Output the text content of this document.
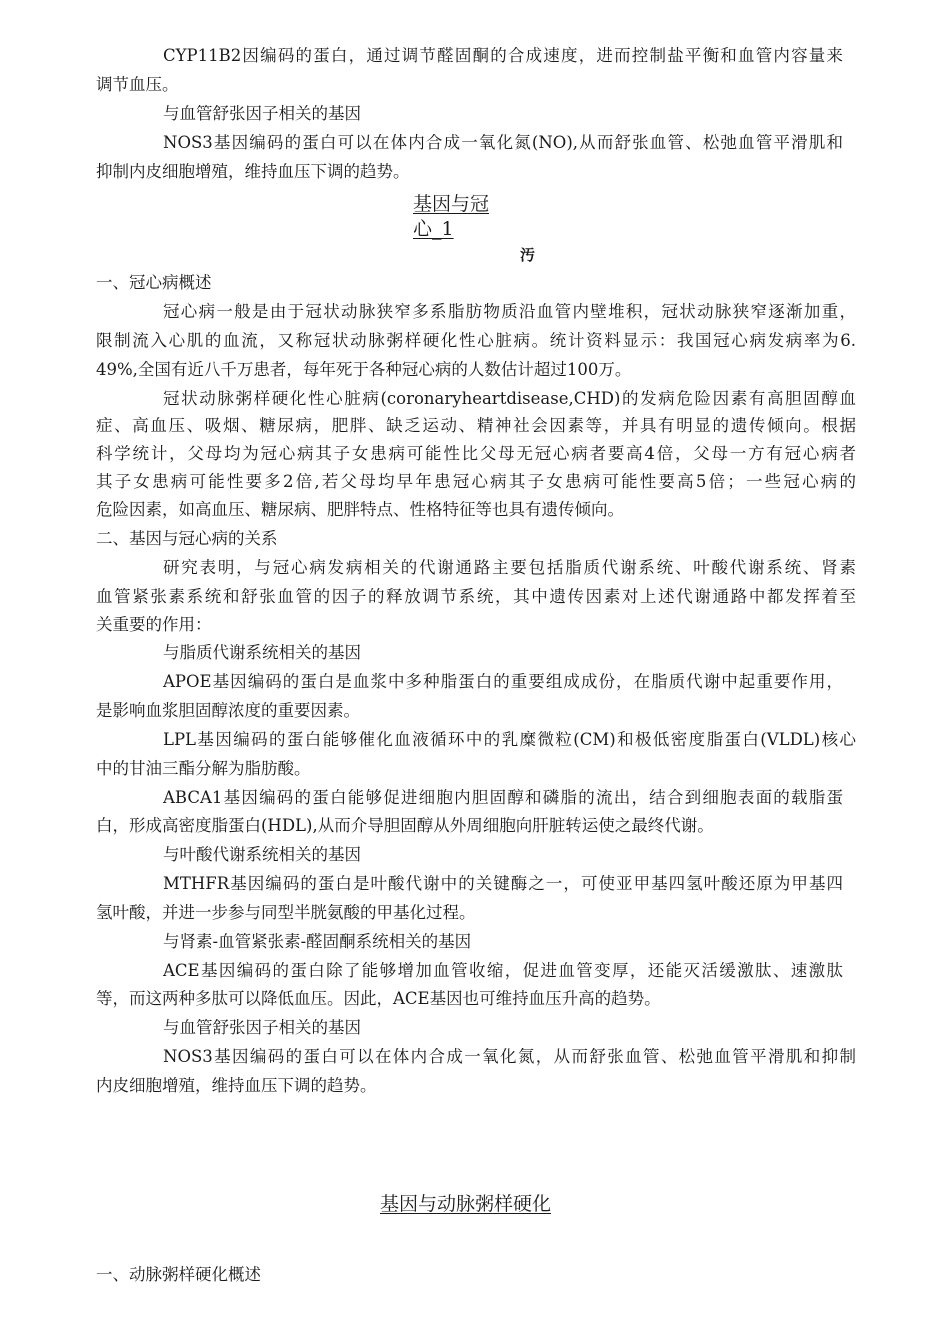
基因与冠
心_1
汚
基因与动脉粥样硬化
CYP11B2因编码的蛋白，通过调节醛固酮的合成速度，进而控制盐平衡和血管内容量来
调节血压。
与血管舒张因子相关的基因
NOS3基因编码的蛋白可以在体内合成一氧化氮(NO),从而舒张血管、松弛血管平滑肌和
抑制内皮细胞增殖，维持血压下调的趋势。
一、冠心病概述
冠心病一般是由于冠状动脉狭窄多系脂肪物质沿血管内壁堆积，冠状动脉狭窄逐渐加重，
限制流入心肌的血流，又称冠状动脉粥样硬化性心脏病。统计资料显示：我国冠心病发病率为6.
49%,全国有近八千万患者，每年死于各种冠心病的人数估计超过100万。
冠状动脉粥样硬化性心脏病(coronaryheartdisease,CHD)的发病危险因素有高胆固醇血
症、高血压、吸烟、糖尿病，肥胖、缺乏运动、精神社会因素等，并具有明显的遗传倾向。根据
科学统计，父母均为冠心病其子女患病可能性比父母无冠心病者要高4倍，父母一方有冠心病者
其子女患病可能性要多2倍,若父母均早年患冠心病其子女患病可能性要高5倍；一些冠心病的
危险因素，如高血压、糖尿病、肥胖特点、性格特征等也具有遗传倾向。
二、基因与冠心病的关系
研究表明，与冠心病发病相关的代谢通路主要包括脂质代谢系统、叶酸代谢系统、肾素
血管紧张素系统和舒张血管的因子的释放调节系统，其中遗传因素对上述代谢通路中都发挥着至
关重要的作用：
与脂质代谢系统相关的基因
APOE基因编码的蛋白是血浆中多种脂蛋白的重要组成成份，在脂质代谢中起重要作用，
是影响血浆胆固醇浓度的重要因素。
LPL基因编码的蛋白能够催化血液循环中的乳糜微粒(CM)和极低密度脂蛋白(VLDL)核心
中的甘油三酯分解为脂肪酸。
ABCA1基因编码的蛋白能够促进细胞内胆固醇和磷脂的流出，结合到细胞表面的载脂蛋
白，形成高密度脂蛋白(HDL),从而介导胆固醇从外周细胞向肝脏转运使之最终代谢。
与叶酸代谢系统相关的基因
MTHFR基因编码的蛋白是叶酸代谢中的关键酶之一，可使亚甲基四氢叶酸还原为甲基四
氢叶酸，并进一步参与同型半胱氨酸的甲基化过程。
与肾素-血管紧张素-醛固酮系统相关的基因
ACE基因编码的蛋白除了能够增加血管收缩，促进血管变厚，还能灭活缓激肽、速激肽
等，而这两种多肽可以降低血压。因此，ACE基因也可维持血压升高的趋势。
与血管舒张因子相关的基因
NOS3基因编码的蛋白可以在体内合成一氧化氮，从而舒张血管、松弛血管平滑肌和抑制
内皮细胞增殖，维持血压下调的趋势。
一、动脉粥样硬化概述
